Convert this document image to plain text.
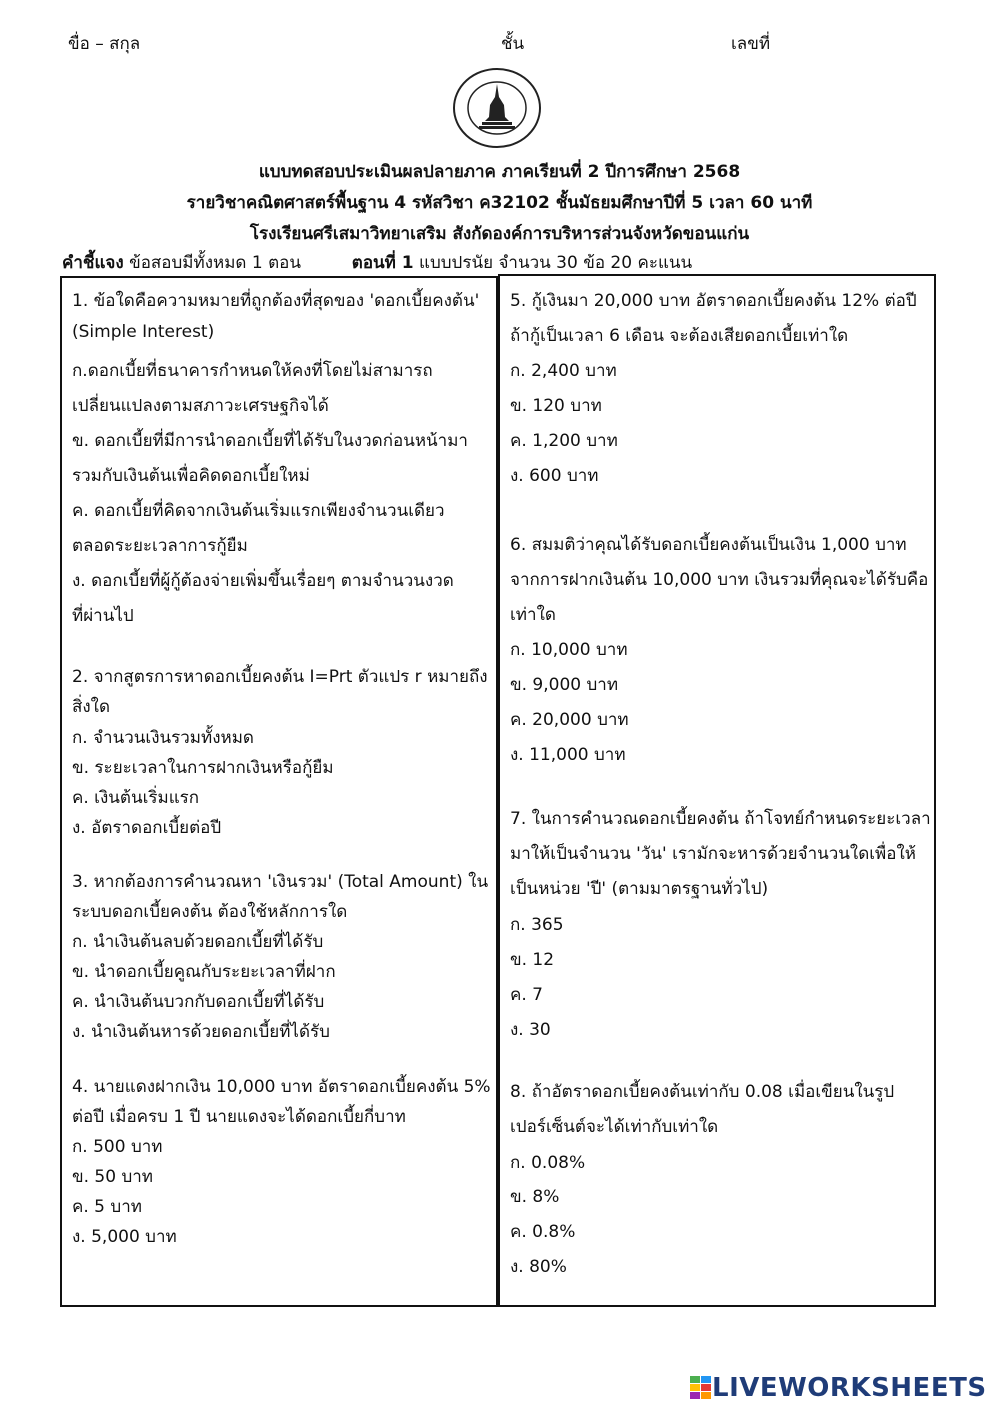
ขื่อ – สกุล	ชั้น	เลขที่
แบบทดสอบประเมินผลปลายภาค ภาคเรียนที่ 2 ปีการศึกษา 2568
รายวิชาคณิตศาสตร์พื้นฐาน 4 รหัสวิชา ค32102 ชั้นมัธยมศึกษาปีที่ 5 เวลา 60 นาที
โรงเรียนศรีเสมาวิทยาเสริม สังกัดองค์การบริหารส่วนจังหวัดขอนแก่น
คำชี้แจง ข้อสอบมีทั้งหมด 1 ตอน	ตอนที่ 1 แบบปรนัย จำนวน 30 ข้อ 20 คะแนน
1. ข้อใดคือความหมายที่ถูกต้องที่สุดของ 'ดอกเบี้ยคงต้น'
(Simple Interest)
ก.ดอกเบี้ยที่ธนาคารกำหนดให้คงที่โดยไม่สามารถ
เปลี่ยนแปลงตามสภาวะเศรษฐกิจได้
ข. ดอกเบี้ยที่มีการนำดอกเบี้ยที่ได้รับในงวดก่อนหน้ามา
รวมกับเงินต้นเพื่อคิดดอกเบี้ยใหม่
ค. ดอกเบี้ยที่คิดจากเงินต้นเริ่มแรกเพียงจำนวนเดียว
ตลอดระยะเวลาการกู้ยืม
ง. ดอกเบี้ยที่ผู้กู้ต้องจ่ายเพิ่มขึ้นเรื่อยๆ ตามจำนวนงวด
ที่ผ่านไป
2. จากสูตรการหาดอกเบี้ยคงต้น I=Prt ตัวแปร r หมายถึง
สิ่งใด
ก. จำนวนเงินรวมทั้งหมด
ข. ระยะเวลาในการฝากเงินหรือกู้ยืม
ค. เงินต้นเริ่มแรก
ง. อัตราดอกเบี้ยต่อปี
3. หากต้องการคำนวณหา 'เงินรวม' (Total Amount) ใน
ระบบดอกเบี้ยคงต้น ต้องใช้หลักการใด
ก. นำเงินต้นลบด้วยดอกเบี้ยที่ได้รับ
ข. นำดอกเบี้ยคูณกับระยะเวลาที่ฝาก
ค. นำเงินต้นบวกกับดอกเบี้ยที่ได้รับ
ง. นำเงินต้นหารด้วยดอกเบี้ยที่ได้รับ
4. นายแดงฝากเงิน 10,000 บาท อัตราดอกเบี้ยคงต้น 5%
ต่อปี เมื่อครบ 1 ปี นายแดงจะได้ดอกเบี้ยกี่บาท
ก. 500 บาท
ข. 50 บาท
ค. 5 บาท
ง. 5,000 บาท
5. กู้เงินมา 20,000 บาท อัตราดอกเบี้ยคงต้น 12% ต่อปี
ถ้ากู้เป็นเวลา 6 เดือน จะต้องเสียดอกเบี้ยเท่าใด
ก. 2,400 บาท
ข. 120 บาท
ค. 1,200 บาท
ง. 600 บาท
6. สมมติว่าคุณได้รับดอกเบี้ยคงต้นเป็นเงิน 1,000 บาท
จากการฝากเงินต้น 10,000 บาท เงินรวมที่คุณจะได้รับคือ
เท่าใด
ก. 10,000 บาท
ข. 9,000 บาท
ค. 20,000 บาท
ง. 11,000 บาท
7. ในการคำนวณดอกเบี้ยคงต้น ถ้าโจทย์กำหนดระยะเวลา
มาให้เป็นจำนวน 'วัน' เรามักจะหารด้วยจำนวนใดเพื่อให้
เป็นหน่วย 'ปี' (ตามมาตรฐานทั่วไป)
ก. 365
ข. 12
ค. 7
ง. 30
8. ถ้าอัตราดอกเบี้ยคงต้นเท่ากับ 0.08 เมื่อเขียนในรูป
เปอร์เซ็นต์จะได้เท่ากับเท่าใด
ก. 0.08%
ข. 8%
ค. 0.8%
ง. 80%
LIVEWORKSHEETS
